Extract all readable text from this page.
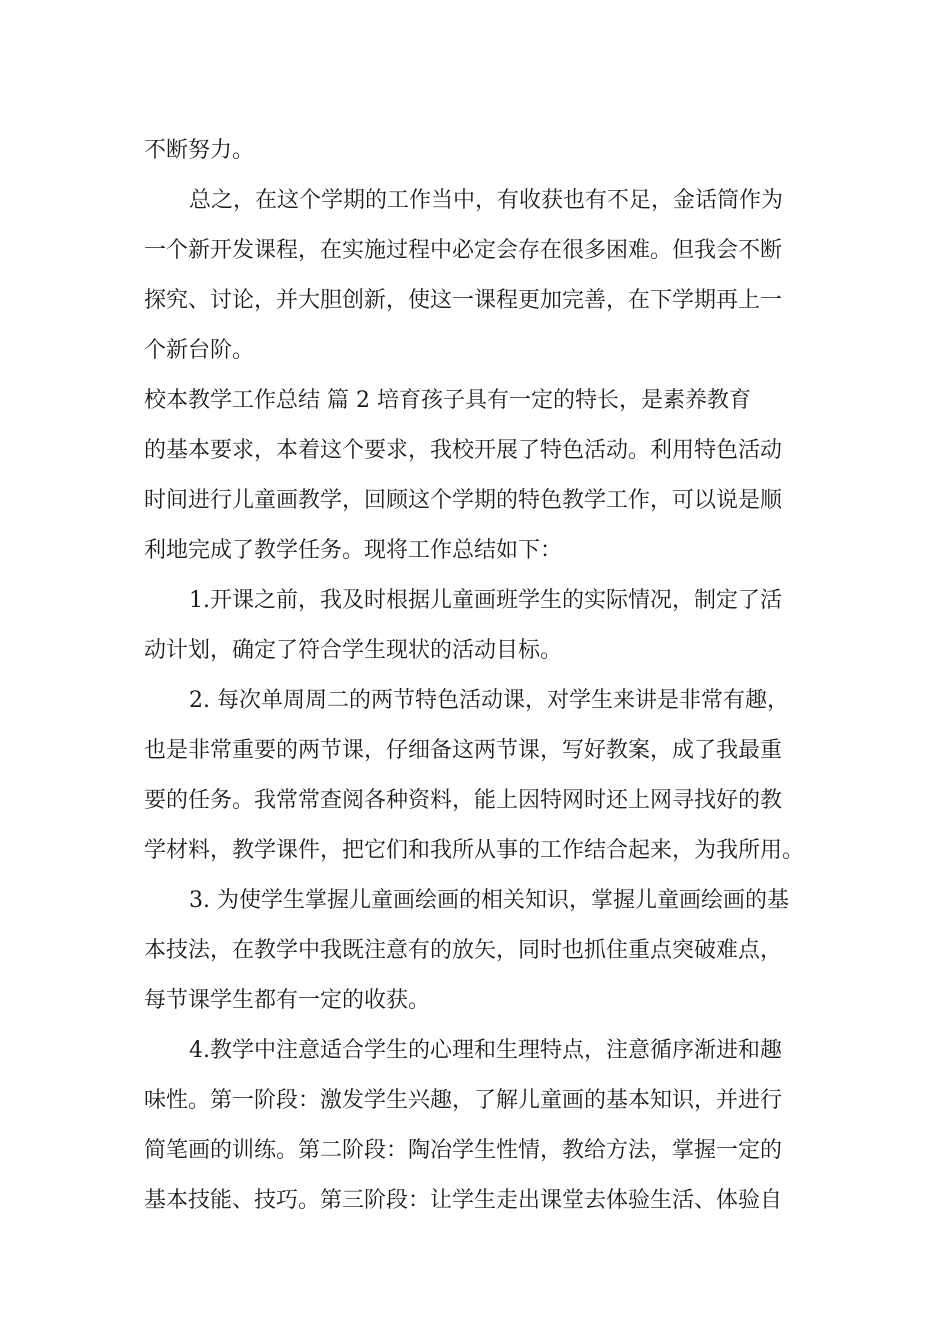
不断努力。
总之，在这个学期的工作当中，有收获也有不足，金话筒作为
一个新开发课程，在实施过程中必定会存在很多困难。但我会不断
探究、讨论，并大胆创新，使这一课程更加完善，在下学期再上一
个新台阶。
校本教学工作总结 篇 2 培育孩子具有一定的特长，是素养教育
的基本要求，本着这个要求，我校开展了特色活动。利用特色活动
时间进行儿童画教学，回顾这个学期的特色教学工作，可以说是顺
利地完成了教学任务。现将工作总结如下：
1.开课之前，我及时根据儿童画班学生的实际情况，制定了活
动计划，确定了符合学生现状的活动目标。
2. 每次单周周二的两节特色活动课，对学生来讲是非常有趣，
也是非常重要的两节课，仔细备这两节课，写好教案，成了我最重
要的任务。我常常查阅各种资料，能上因特网时还上网寻找好的教
学材料，教学课件，把它们和我所从事的工作结合起来，为我所用。
3. 为使学生掌握儿童画绘画的相关知识，掌握儿童画绘画的基
本技法，在教学中我既注意有的放矢，同时也抓住重点突破难点，
每节课学生都有一定的收获。
4.教学中注意适合学生的心理和生理特点，注意循序渐进和趣
味性。第一阶段：激发学生兴趣，了解儿童画的基本知识，并进行
简笔画的训练。第二阶段：陶冶学生性情，教给方法，掌握一定的
基本技能、技巧。第三阶段：让学生走出课堂去体验生活、体验自
